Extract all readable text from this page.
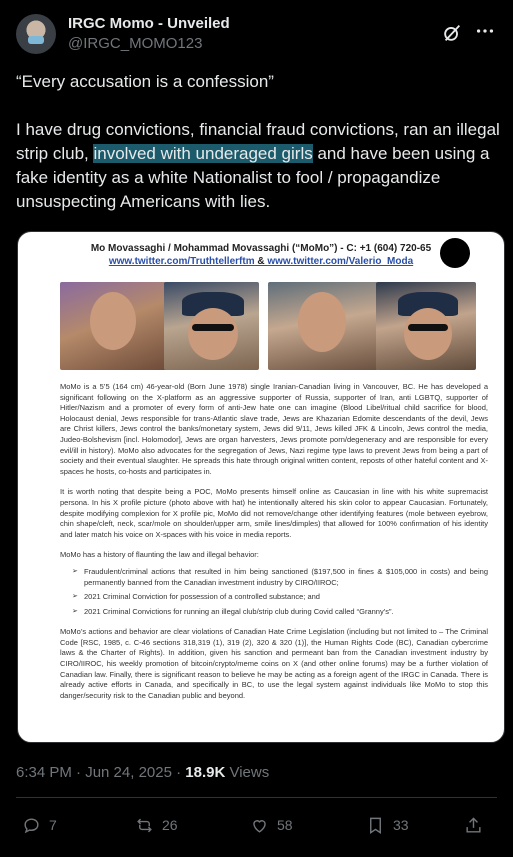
IRGC Momo - Unveiled
@IRGC_MOMO123

“Every accusation is a confession”

I have drug convictions, financial fraud convictions, ran an illegal strip club, involved with underaged girls and have been using a fake identity as a white Nationalist to fool / propagandize unsuspecting Americans with lies.

Mo Movassaghi / Mohammad Movassaghi (“MoMo”) - C: +1 (604) 720-65
www.twitter.com/Truthtellerftm & www.twitter.com/Valerio_Moda

MoMo is a 5’5 (164 cm) 46-year-old (Born June 1978) single Iranian-Canadian living in Vancouver, BC. He has developed a significant following on the X-platform as an aggressive supporter of Russia, supporter of Iran, anti LGBTQ, supporter of Hitler/Nazism and a promoter of every form of anti-Jew hate one can imagine (Blood Libel/ritual child sacrifice for blood, Holocaust denial, Jews responsible for trans-Atlantic slave trade, Jews are Khazarian Edomite descendants of the devil, Jews are Christ killers, Jews control the banks/monetary system, Jews did 9/11, Jews killed JFK & Lincoln, Jews control the media, Judeo-Bolshevism [incl. Holomodor], Jews are organ harvesters, Jews promote porn/degeneracy and are responsible for every evil/ill in history). MoMo also advocates for the segregation of Jews, Nazi regime type laws to prevent Jews from being a part of society and their eventual slaughter. He spreads this hate through original written content, reposts of other hateful content and X-spaces he hosts, co-hosts and participates in.

It is worth noting that despite being a POC, MoMo presents himself online as Caucasian in line with his white supremacist persona. In his X profile picture (photo above with hat) he intentionally altered his skin color to appear Caucasian. Fortunately, despite modifying complexion for X profile pic, MoMo did not remove/change other identifying features (mole between eyebrow, chin shape/cleft, neck, scar/mole on shoulder/upper arm, smile lines/dimples) that allowed for 100% confirmation of his identity and later match his voice on X-spaces with his voice in media reports.

MoMo has a history of flaunting the law and illegal behavior:

➢ Fraudulent/criminal actions that resulted in him being sanctioned ($197,500 in fines & $105,000 in costs) and being permanently banned from the Canadian investment industry by CIRO/IIROC;
➢ 2021 Criminal Conviction for possession of a controlled substance; and
➢ 2021 Criminal Convictions for running an illegal club/strip club during Covid called “Granny’s”.

MoMo’s actions and behavior are clear violations of Canadian Hate Crime Legislation (including but not limited to – The Criminal Code [RSC, 1985, c. C-46 sections 318,319 (1), 319 (2), 320 & 320 (1)], the Human Rights Code (BC), Canadian cybercrime laws & the Charter of Rights). In addition, given his sanction and permeant ban from the Canadian investment industry by CIRO/IIROC, his weekly promotion of bitcoin/crypto/meme coins on X (and other online forums) may be a further violation of Canadian law. Finally, there is significant reason to believe he may be acting as a foreign agent of the IRGC in Canada. There is already active efforts in Canada, and specifically in BC, to use the legal system against individuals like MoMo to stop this danger/security risk to the Canadian public and beyond.

6:34 PM · Jun 24, 2025 · 18.9K Views
7	26	58	33
